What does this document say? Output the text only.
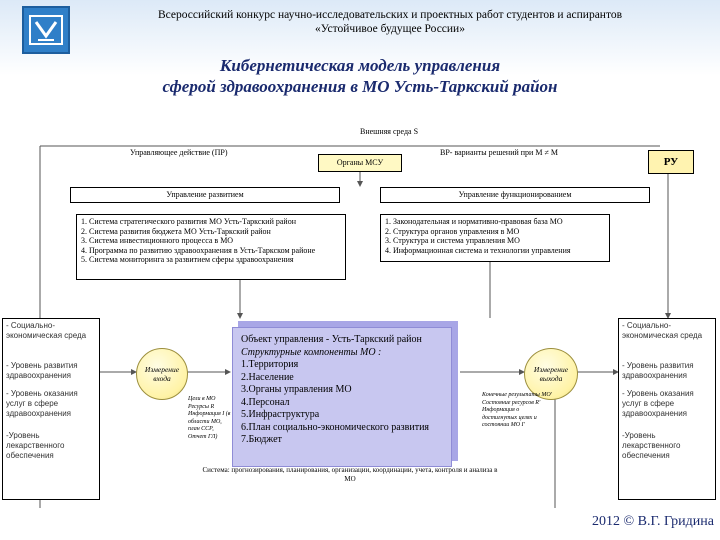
Всероссийский конкурс научно-исследовательских и проектных работ студентов и аспирантов
«Устойчивое будущее России»
Кибернетическая модель управления
сферой здравоохранения в МО Усть-Таркский район
Внешняя среда S
Управляющее действие (ПР)
Органы МСУ
ВР- варианты решений при M ≠ M
РУ
Управление развитием	Управление функционированием
1. Система стратегического развития МО Усть-Таркский район
2. Система развития бюджета МО Усть-Таркский район
3. Система инвестиционного процесса в МО
4. Программа по развитию здравоохранения в Усть-Таркском районе
5. Система мониторинга за развитием сферы здравоохранения
1. Законодательная и нормативно-правовая база МО
2. Структура органов управления в МО
3. Структура и система управления МО
4. Информационная система и технологии управления
- Социально-экономическая среда
- Уровень развития здравоохранения
- Уровень оказания услуг в сфере здравоохранения
-Уровень лекарственного обеспечения
- Социально-экономическая среда
- Уровень развития здравоохранения
- Уровень оказания услуг в сфере здравоохранения
-Уровень лекарственного обеспечения
Измерение входа
Измерение выхода
Цели в МО Ресурсы R Информация I (в области МО, план ССР, Отчет ГЛ)
Конечные результаты МО' Состояние ресурсов R' Информация о достигнутых целях и состоянии МО I'
Объект управления - Усть-Таркский район
Структурные компоненты МО :
1.Территория
2.Население
3.Органы управления МО
4.Персонал
5.Инфраструктура
6.План социально-экономического развития
7.Бюджет
Система: прогнозирования, планирования, организации, координации, учета, контроля и анализа в МО
2012 © В.Г. Гридина
